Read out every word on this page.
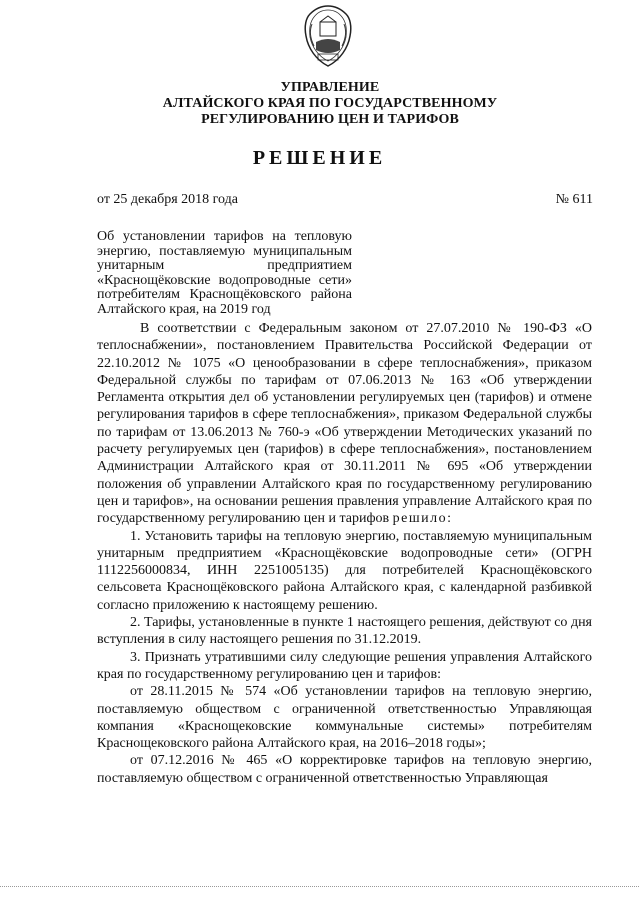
УПРАВЛЕНИЕ
АЛТАЙСКОГО КРАЯ ПО ГОСУДАРСТВЕННОМУ
РЕГУЛИРОВАНИЮ ЦЕН И ТАРИФОВ
РЕШЕНИЕ
от 25 декабря 2018 года	№ 611
Об установлении тарифов на тепловую энергию, поставляемую муниципальным унитарным предприятием «Краснощёковские водопроводные сети» потребителям Краснощёковского района Алтайского края, на 2019 год

В соответствии с Федеральным законом от 27.07.2010 № 190-ФЗ «О теплоснабжении», постановлением Правительства Российской Федерации от 22.10.2012 № 1075 «О ценообразовании в сфере теплоснабжения», приказом Федеральной службы по тарифам от 07.06.2013 № 163 «Об утверждении Регламента открытия дел об установлении регулируемых цен (тарифов) и отмене регулирования тарифов в сфере теплоснабжения», приказом Федеральной службы по тарифам от 13.06.2013 № 760-э «Об утверждении Методических указаний по расчету регулируемых цен (тарифов) в сфере теплоснабжения», постановлением Администрации Алтайского края от 30.11.2011 № 695 «Об утверждении положения об управлении Алтайского края по государственному регулированию цен и тарифов», на основании решения правления управление Алтайского края по государственному регулированию цен и тарифов решило:

1. Установить тарифы на тепловую энергию, поставляемую муниципальным унитарным предприятием «Краснощёковские водопроводные сети» (ОГРН 1112256000834, ИНН 2251005135) для потребителей Краснощёковского сельсовета Краснощёковского района Алтайского края, с календарной разбивкой согласно приложению к настоящему решению.

2. Тарифы, установленные в пункте 1 настоящего решения, действуют со дня вступления в силу настоящего решения по 31.12.2019.

3. Признать утратившими силу следующие решения управления Алтайского края по государственному регулированию цен и тарифов:

от 28.11.2015 № 574 «Об установлении тарифов на тепловую энергию, поставляемую обществом с ограниченной ответственностью Управляющая компания «Краснощековские коммунальные системы» потребителям Краснощековского района Алтайского края, на 2016–2018 годы»;

от 07.12.2016 № 465 «О корректировке тарифов на тепловую энергию, поставляемую обществом с ограниченной ответственностью Управляющая
